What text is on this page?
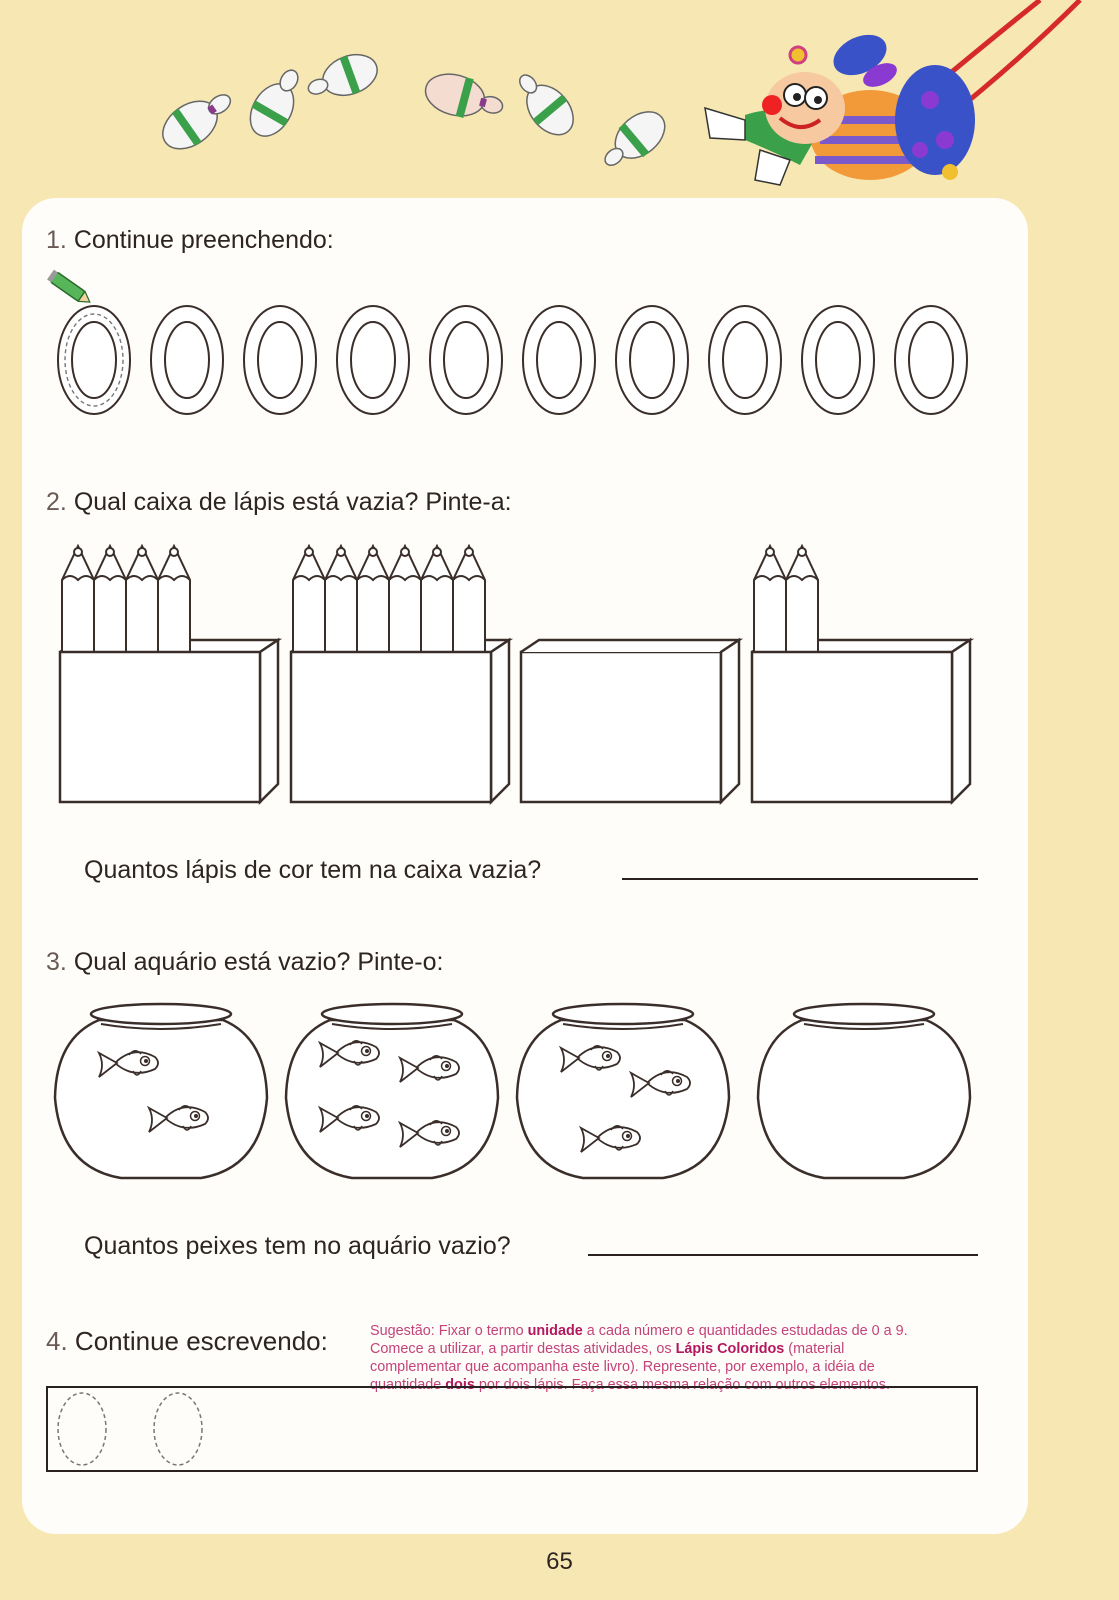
1. Continue preenchendo:
2. Qual caixa de lápis está vazia? Pinte-a:
Quantos lápis de cor tem na caixa vazia?
3. Qual aquário está vazio? Pinte-o:
Quantos peixes tem no aquário vazio?
Sugestão: Fixar o termo unidade a cada número e quantidades estudadas de 0 a 9.
Comece a utilizar, a partir destas atividades, os Lápis Coloridos (material
complementar que acompanha este livro). Represente, por exemplo, a idéia de
quantidade dois por dois lápis. Faça essa mesma relação com outros elementos.
4. Continue escrevendo:
65
